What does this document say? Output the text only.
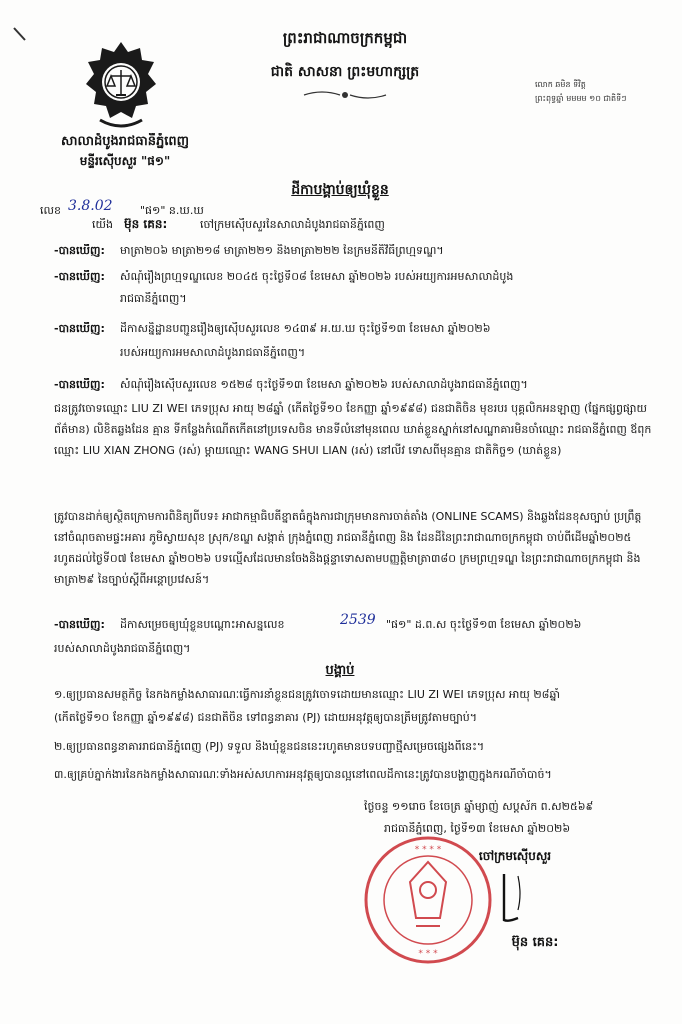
ព្រះរាជាណាចក្រកម្ពុជា
ជាតិ សាសនា ព្រះមហាក្សត្រ
លោក ឆមិន ទីវិត្ត
ព្រះពុទ្ធឆ្នាំ មមមម ១០ ជាតិទីៗ
សាលាដំបូងរាជធានីភ្នំពេញ
មន្ទីរស៊ើបសួរ "ផ១"
ដីកាបង្គាប់ឲ្យឃុំខ្លួន
លេខ 3.8.02	"ផ១" ន.ឃ.ឃ
យើង ម៊ុន គេន:	ចៅក្រមស៊ើបសួរនៃសាលាដំបូងរាជធានីភ្នំពេញ
-បានឃើញ:	មាត្រា២០៦ មាត្រា២១៨ មាត្រា២២១ និងមាត្រា២២២ នៃក្រមនីតិវិធីព្រហ្មទណ្ឌ។
-បានឃើញ:	សំណុំរឿងព្រហ្មទណ្ឌលេខ ២០៤៥ ចុះថ្ងៃទី០៨ ខែមេសា ឆ្នាំ២០២៦ របស់អយ្យការអមសាលាដំបូង
រាជធានីភ្នំពេញ។
-បានឃើញ:	ដីកាសន្និដ្ឋានបញ្ជូនរឿងឲ្យស៊ើបសួរលេខ ១៤៣៩ អ.យ.ឃ ចុះថ្ងៃទី១៣ ខែមេសា ឆ្នាំ២០២៦
របស់អយ្យការអមសាលាដំបូងរាជធានីភ្នំពេញ។
-បានឃើញ:	សំណុំរឿងស៊ើបសួរលេខ ១៥២៨ ចុះថ្ងៃទី១៣ ខែមេសា ឆ្នាំ២០២៦ របស់សាលាដំបូងរាជធានីភ្នំពេញ។
ជនត្រូវចោទឈ្មោះ LIU ZI WEI ភេទប្រុស អាយុ ២៨ឆ្នាំ (កើតថ្ងៃទី១០ ខែកញ្ញា ឆ្នាំ១៩៩៨) ជនជាតិចិន មុខរបរ បុគ្គលិកអនឡាញ (ផ្នែកផ្សព្វផ្សាយព័ត៌មាន) លិខិតឆ្លងដែន គ្មាន ទីកន្លែងកំណើតកើតនៅប្រទេសចិន មានទីលំនៅមុនពេល ឃាត់ខ្លួនស្នាក់នៅសណ្ឋាគារមិនចាំឈ្មោះ រាជធានីភ្នំពេញ ឪពុកឈ្មោះ LIU XIAN ZHONG (រស់) ម្ដាយឈ្មោះ WANG SHUI LIAN (រស់) នៅលីវ ទោសពីមុនគ្មាន ជាតិកិច្ច១ (ឃាត់ខ្លួន)
ត្រូវបានដាក់ឲ្យស្ថិតក្រោមការពិនិត្យពីបទ៖ អាជាកម្មាធិបតីខ្នាតធំក្នុងការជាក្រុមមានការចាត់តាំង (ONLINE SCAMS) និងឆ្លងដែនខុសច្បាប់ ប្រព្រឹត្តនៅចំណុចតាមផ្ទះអគារ ភូមិស្វាយសុខ ស្រុក/ខណ្ឌ សង្កាត់ ក្រុងភ្នំពេញ រាជធានីភ្នំពេញ និង ដែនដីនៃព្រះរាជាណាចក្រកម្ពុជា ចាប់ពីដើមឆ្នាំ២០២៥ រហូតដល់ថ្ងៃទី០៧ ខែមេសា ឆ្នាំ២០២៦ បទល្មើសដែលមានចែងនិងផ្ដន្ទាទោសតាមបញ្ញត្តិមាត្រា៣៨០ ក្រមព្រហ្មទណ្ឌ នៃព្រះរាជាណាចក្រកម្ពុជា និងមាត្រា២៩ នៃច្បាប់ស្ដីពីអន្តោប្រវេសន៍។
-បានឃើញ:	ដីកាសម្រេចឲ្យឃុំខ្លួនបណ្ដោះអាសន្នលេខ	2539 "ផ១" ដ.ព.ស ចុះថ្ងៃទី១៣ ខែមេសា ឆ្នាំ២០២៦
របស់សាលាដំបូងរាជធានីភ្នំពេញ។
បង្គាប់
១.ឲ្យប្រធានសមត្ថកិច្ច នៃកងកម្លាំងសាធារណៈធ្វើការនាំខ្លួនជនត្រូវចោទដោយមានឈ្មោះ LIU ZI WEI ភេទប្រុស អាយុ ២៨ឆ្នាំ
(កើតថ្ងៃទី១០ ខែកញ្ញា ឆ្នាំ១៩៩៨) ជនជាតិចិន ទៅពន្ធនាគារ (PJ) ដោយអនុវត្តឲ្យបានត្រឹមត្រូវតាមច្បាប់។
២.ឲ្យប្រធានពន្ធនាគាររាជធានីភ្នំពេញ (PJ) ទទួល និងឃុំខ្លួនជននេះរហូតមានបទបញ្ជាថ្មីសម្រេចផ្សេងពីនេះ។
៣.ឲ្យគ្រប់ភ្នាក់ងារនៃកងកម្លាំងសាធារណៈទាំងអស់សហការអនុវត្តឲ្យបានល្អនៅពេលដីកានេះត្រូវបានបង្ហាញក្នុងករណីចាំបាច់។
ថ្ងៃចន្ទ ១១រោច ខែចេត្រ ឆ្នាំម្សាញ់ សប្តស័ក ព.ស២៥៦៩
រាជធានីភ្នំពេញ, ថ្ងៃទី១៣ ខែមេសា ឆ្នាំ២០២៦
* * * *
* * *
ចៅក្រមស៊ើបសួរ
ម៊ុន គេន:
